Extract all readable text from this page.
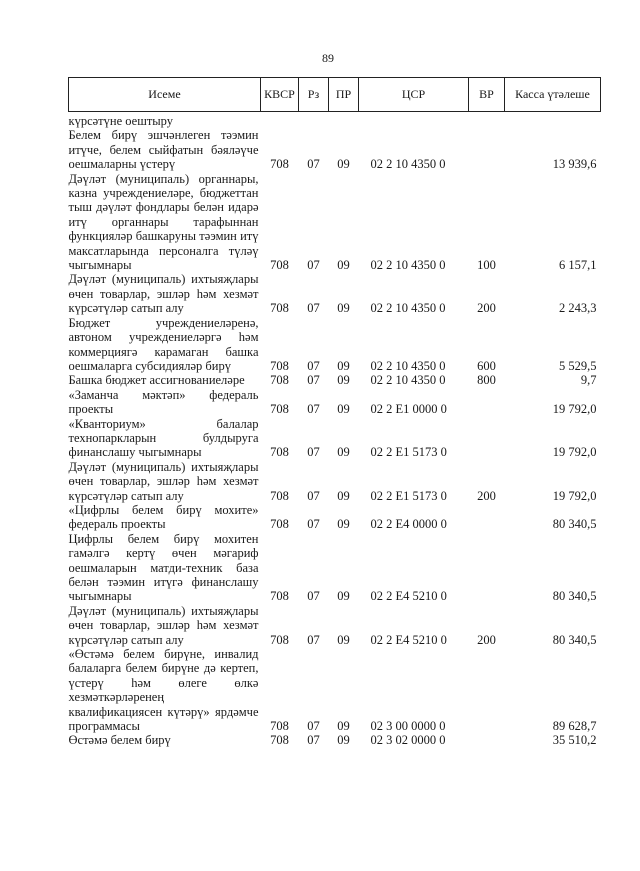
89
Исеме	КВСР	Рз	ПР	ЦСР	ВР	Касса үтәлеше
күрсәтүне оештыру						
Белем бирү эшчәнлеген тәэмин итүче, белем сыйфатын бәяләүче оешмаларны үстерү	708	07	09	02 2 10 4350 0		13 939,6
Дәүләт (муниципаль) органнары, казна учреждениеләре, бюджеттан тыш дәүләт фондлары белән идарә итү органнары тарафыннан функцияләр башкаруны тәэмин итү максатларында персоналга түләү чыгымнары	708	07	09	02 2 10 4350 0	100	6 157,1
Дәүләт (муниципаль) ихтыяҗлары өчен товарлар, эшләр һәм хезмәт күрсәтүләр сатып алу	708	07	09	02 2 10 4350 0	200	2 243,3
Бюджет учреждениеләренә, автоном учреждениеләргә һәм коммерциягә карамаган башка оешмаларга субсидияләр бирү	708	07	09	02 2 10 4350 0	600	5 529,5
Башка бюджет ассигнованиеләре	708	07	09	02 2 10 4350 0	800	9,7
«Заманча мәктәп» федераль проекты	708	07	09	02 2 E1 0000 0		19 792,0
«Кванториум» балалар технопаркларын булдыруга финанслашу чыгымнары	708	07	09	02 2 E1 5173 0		19 792,0
Дәүләт (муниципаль) ихтыяҗлары өчен товарлар, эшләр һәм хезмәт күрсәтүләр сатып алу	708	07	09	02 2 E1 5173 0	200	19 792,0
«Цифрлы белем бирү мохите» федераль проекты	708	07	09	02 2 E4 0000 0		80 340,5
Цифрлы белем бирү мохитен гамәлгә кертү өчен мәгариф оешмаларын матди-техник база белән тәэмин итүгә финанслашу чыгымнары	708	07	09	02 2 E4 5210 0		80 340,5
Дәүләт (муниципаль) ихтыяҗлары өчен товарлар, эшләр һәм хезмәт күрсәтүләр сатып алу	708	07	09	02 2 E4 5210 0	200	80 340,5
«Өстәмә белем бирүне, инвалид балаларга белем бирүне дә кертеп, үстерү һәм өлеге өлкә хезмәткәрләренең квалификациясен күтәрү» ярдәмче программасы	708	07	09	02 3 00 0000 0		89 628,7
Өстәмә белем бирү	708	07	09	02 3 02 0000 0		35 510,2
